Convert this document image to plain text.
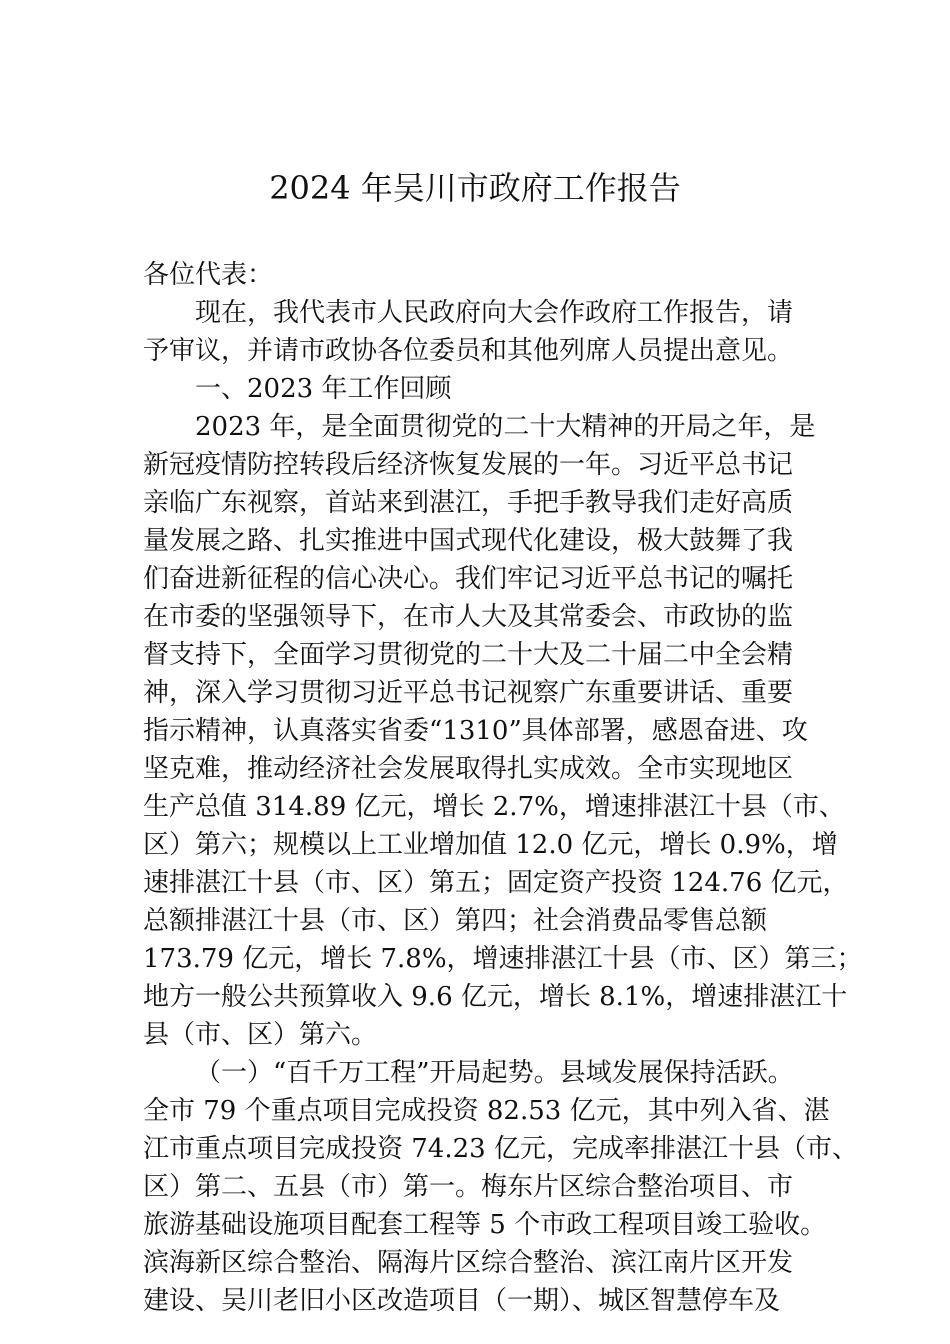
2024 年吴川市政府工作报告
各位代表：
现在，我代表市人民政府向大会作政府工作报告，请
予审议，并请市政协各位委员和其他列席人员提出意见。
一、2023 年工作回顾
2023 年，是全面贯彻党的二十大精神的开局之年，是
新冠疫情防控转段后经济恢复发展的一年。习近平总书记
亲临广东视察，首站来到湛江，手把手教导我们走好高质
量发展之路、扎实推进中国式现代化建设，极大鼓舞了我
们奋进新征程的信心决心。我们牢记习近平总书记的嘱托
在市委的坚强领导下，在市人大及其常委会、市政协的监
督支持下，全面学习贯彻党的二十大及二十届二中全会精
神，深入学习贯彻习近平总书记视察广东重要讲话、重要
指示精神，认真落实省委“1310”具体部署，感恩奋进、攻
坚克难，推动经济社会发展取得扎实成效。全市实现地区
生产总值 314.89 亿元，增长 2.7%，增速排湛江十县（市、
区）第六；规模以上工业增加值 12.0 亿元，增长 0.9%，增
速排湛江十县（市、区）第五；固定资产投资 124.76 亿元，
总额排湛江十县（市、区）第四；社会消费品零售总额
173.79 亿元，增长 7.8%，增速排湛江十县（市、区）第三；
地方一般公共预算收入 9.6 亿元，增长 8.1%，增速排湛江十
县（市、区）第六。
（一）“百千万工程”开局起势。县域发展保持活跃。
全市 79 个重点项目完成投资 82.53 亿元，其中列入省、湛
江市重点项目完成投资 74.23 亿元，完成率排湛江十县（市、
区）第二、五县（市）第一。梅东片区综合整治项目、市
旅游基础设施项目配套工程等 5 个市政工程项目竣工验收。
滨海新区综合整治、隔海片区综合整治、滨江南片区开发
建设、吴川老旧小区改造项目（一期）、城区智慧停车及
